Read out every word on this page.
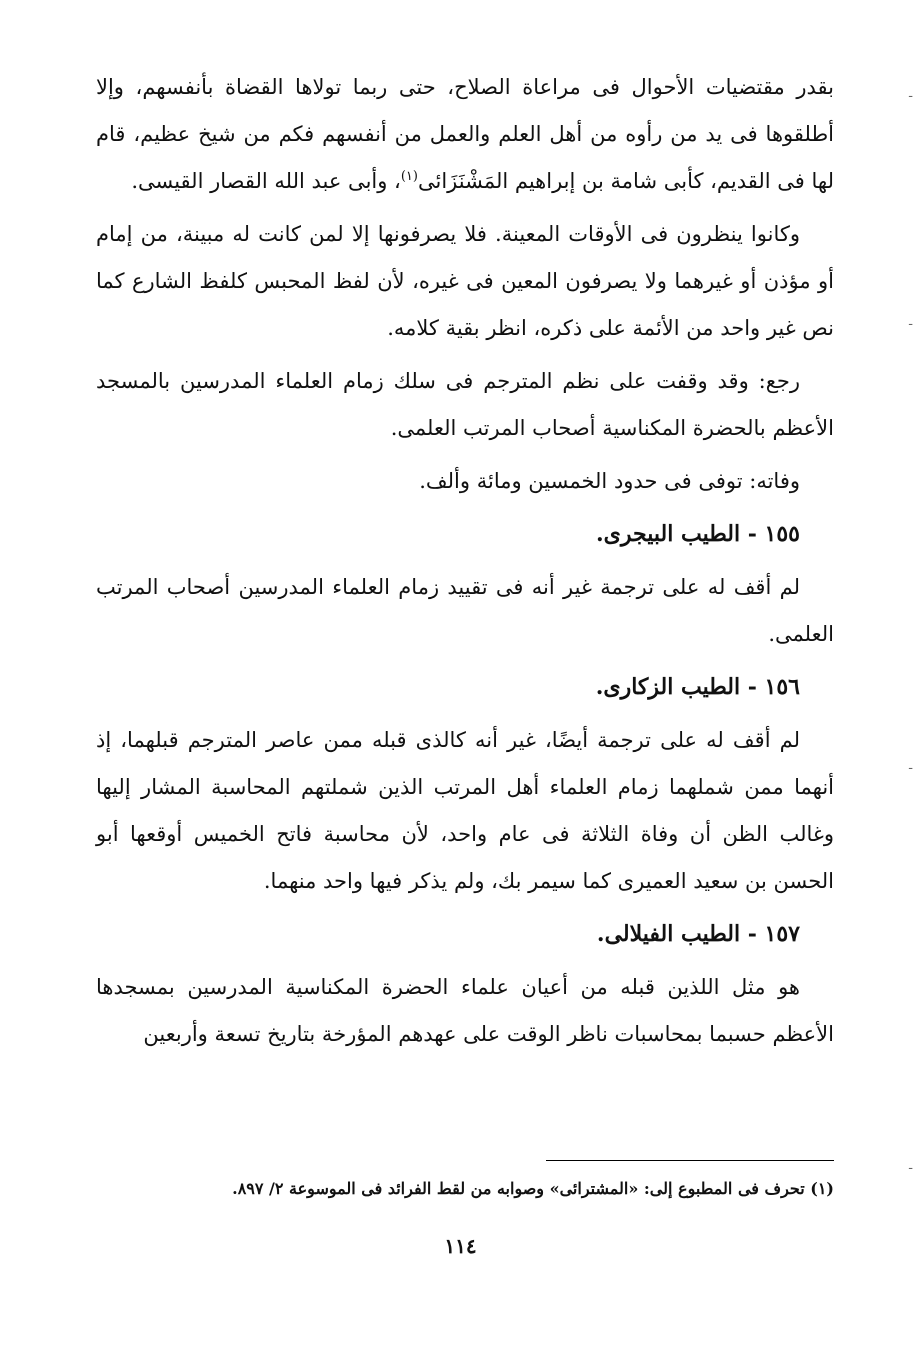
بقدر مقتضيات الأحوال فى مراعاة الصلاح، حتى ربما تولاها القضاة بأنفسهم، وإلا أطلقوها فى يد من رأوه من أهل العلم والعمل من أنفسهم فكم من شيخ عظيم، قام لها فى القديم، كأبى شامة بن إبراهيم المَشْنَزَائى$^{(١)}$، وأبى عبد الله القصار القيسى.

وكانوا ينظرون فى الأوقات المعينة. فلا يصرفونها إلا لمن كانت له مبينة، من إمام أو مؤذن أو غيرهما ولا يصرفون المعين فى غيره، لأن لفظ المحبس كلفظ الشارع كما نص غير واحد من الأئمة على ذكره، انظر بقية كلامه.

رجع: وقد وقفت على نظم المترجم فى سلك زمام العلماء المدرسين بالمسجد الأعظم بالحضرة المكناسية أصحاب المرتب العلمى.

وفاته: توفى فى حدود الخمسين ومائة وألف.

١٥٥ - الطيب البيجرى.

لم أقف له على ترجمة غير أنه فى تقييد زمام العلماء المدرسين أصحاب المرتب العلمى.

١٥٦ - الطيب الزكارى.

لم أقف له على ترجمة أيضًا، غير أنه كالذى قبله ممن عاصر المترجم قبلهما، إذ أنهما ممن شملهما زمام العلماء أهل المرتب الذين شملتهم المحاسبة المشار إليها وغالب الظن أن وفاة الثلاثة فى عام واحد، لأن محاسبة فاتح الخميس أوقعها أبو الحسن بن سعيد العميرى كما سيمر بك، ولم يذكر فيها واحد منهما.

١٥٧ - الطيب الفيلالى.

هو مثل اللذين قبله من أعيان علماء الحضرة المكناسية المدرسين بمسجدها الأعظم حسبما بمحاسبات ناظر الوقت على عهدهم المؤرخة بتاريخ تسعة وأربعين

(١) تحرف فى المطبوع إلى: «المشترائى» وصوابه من لقط الفرائد فى الموسوعة ٢/ ٨٩٧.
١١٤
-
-
-
-
